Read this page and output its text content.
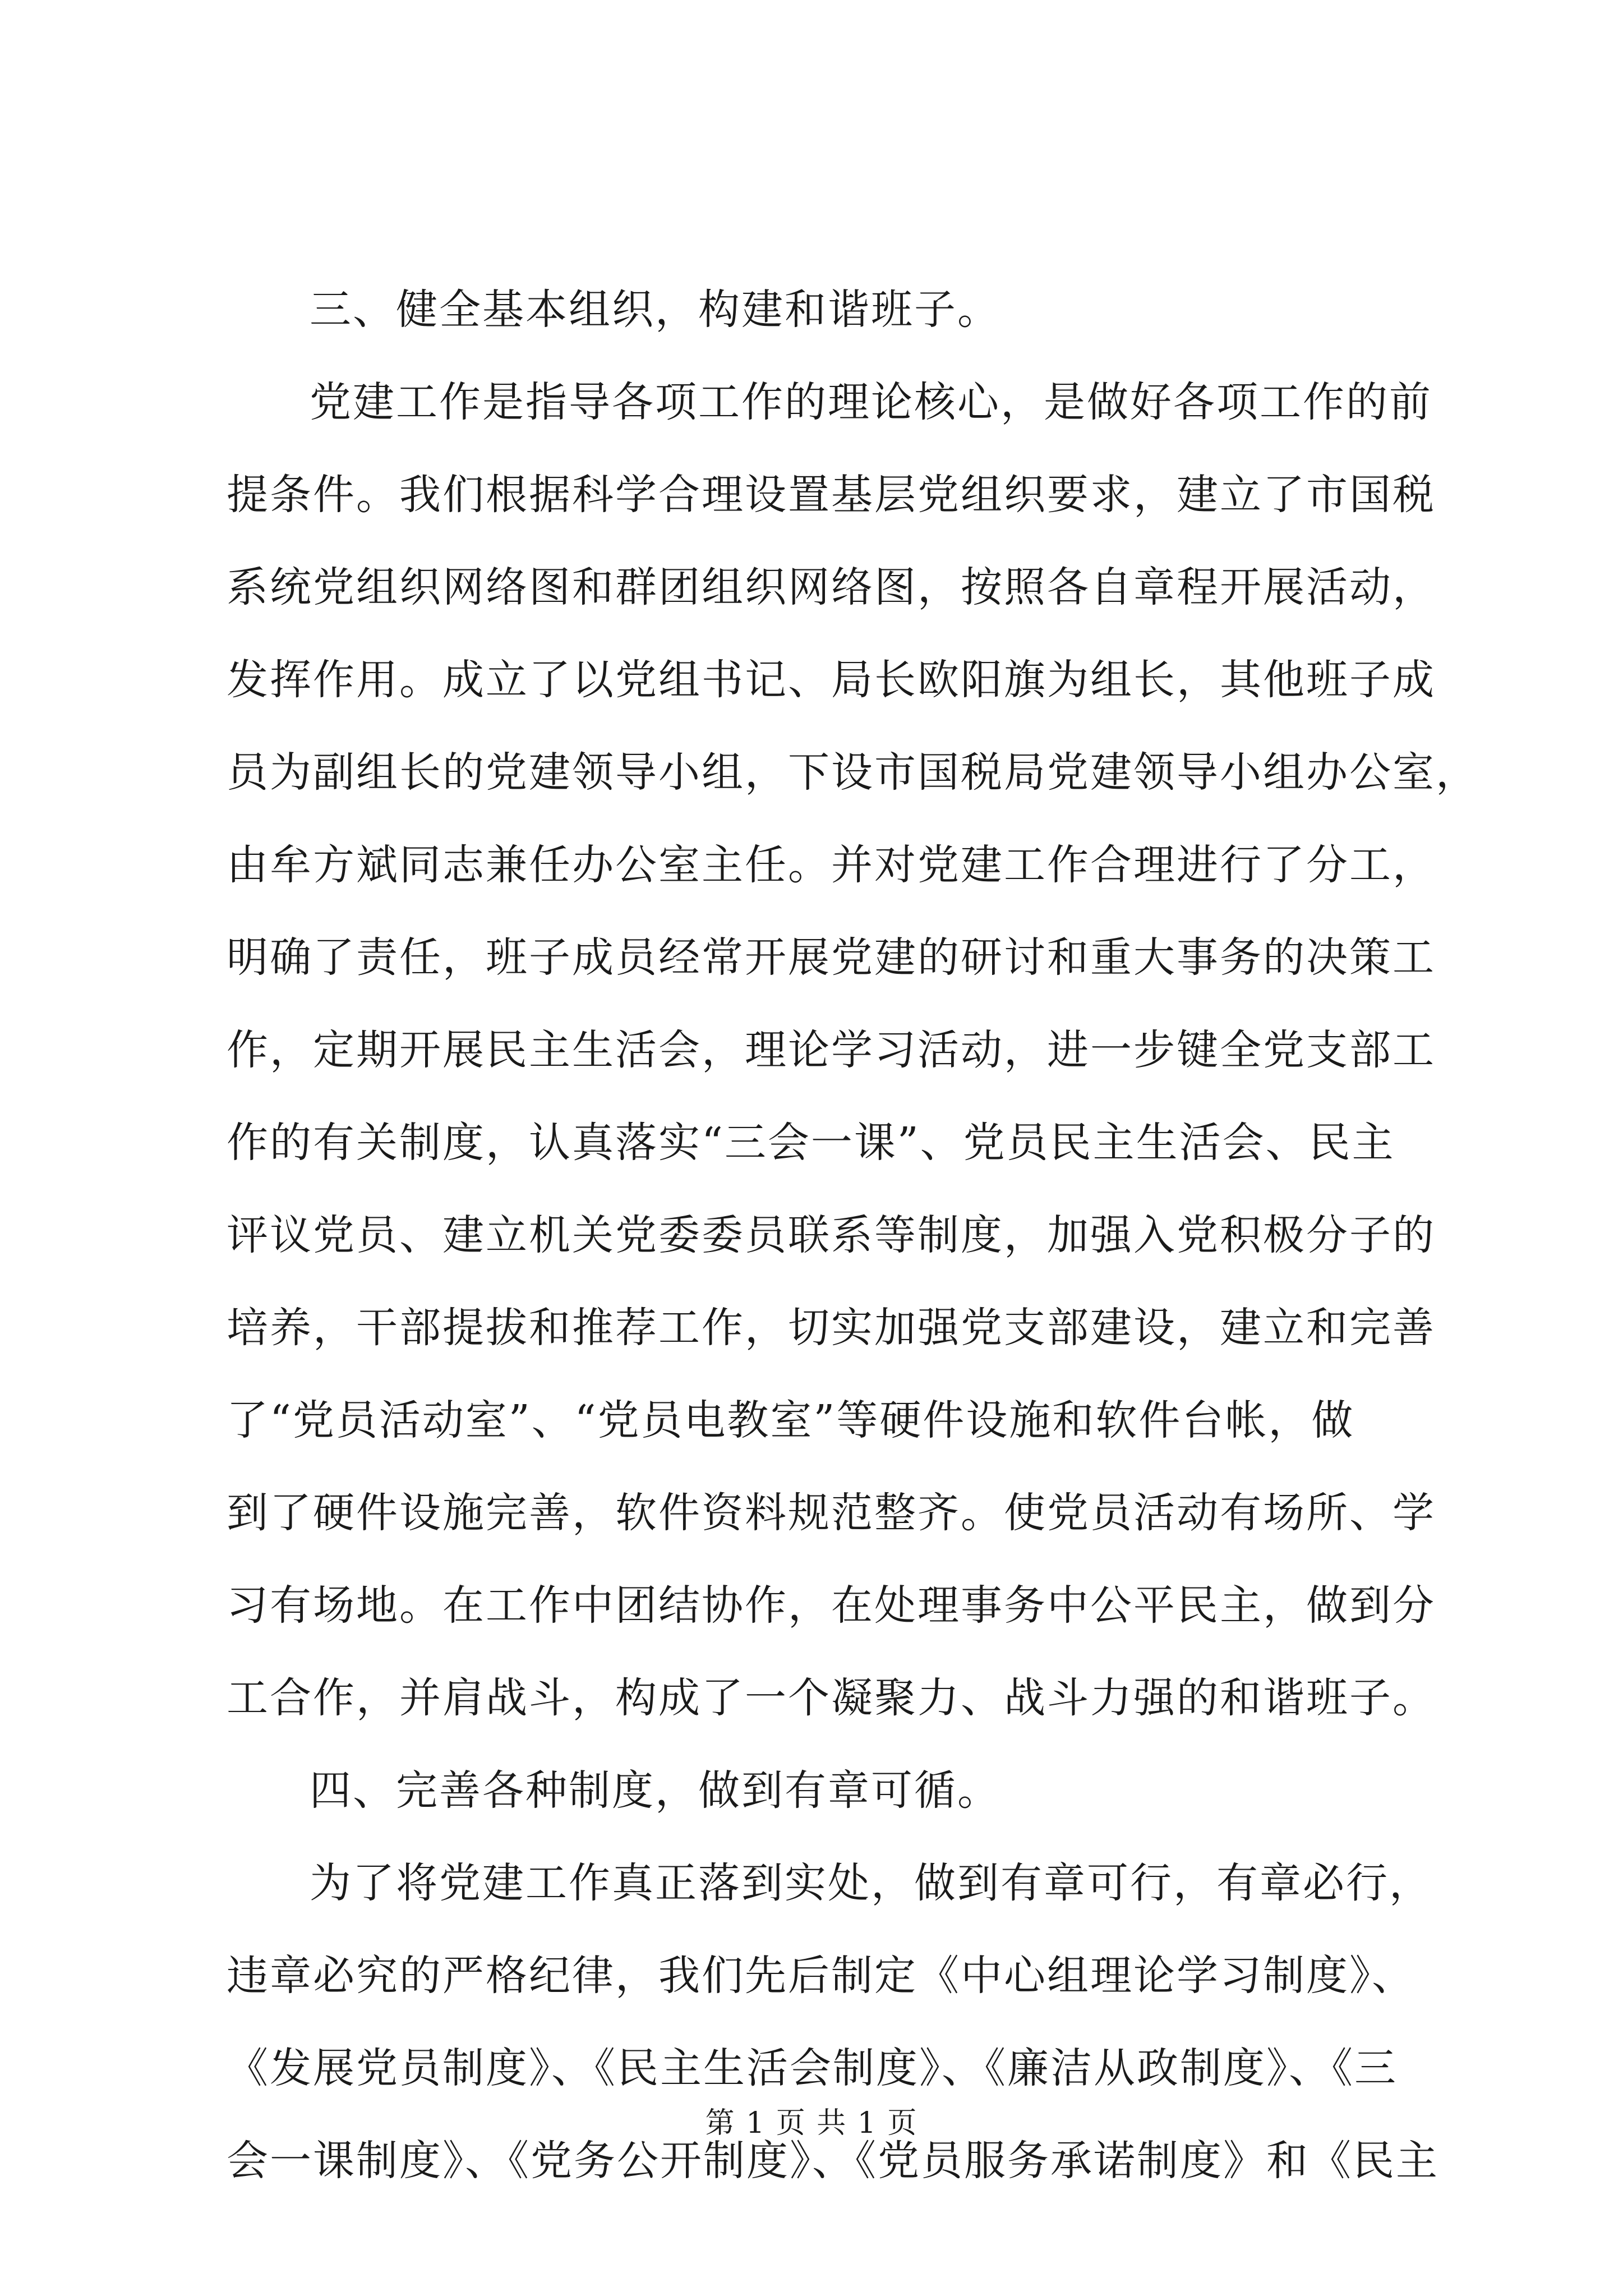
三、健全基本组织，构建和谐班子。
党建工作是指导各项工作的理论核心，是做好各项工作的前
提条件。我们根据科学合理设置基层党组织要求，建立了市国税
系统党组织网络图和群团组织网络图，按照各自章程开展活动，
发挥作用。成立了以党组书记、局长欧阳旗为组长，其他班子成
员为副组长的党建领导小组，下设市国税局党建领导小组办公室，
由牟方斌同志兼任办公室主任。并对党建工作合理进行了分工，
明确了责任，班子成员经常开展党建的研讨和重大事务的决策工
作，定期开展民主生活会，理论学习活动，进一步键全党支部工
作的有关制度，认真落实“三会一课”、党员民主生活会、民主
评议党员、建立机关党委委员联系等制度，加强入党积极分子的
培养，干部提拔和推荐工作，切实加强党支部建设，建立和完善
了“党员活动室”、“党员电教室”等硬件设施和软件台帐，做
到了硬件设施完善，软件资料规范整齐。使党员活动有场所、学
习有场地。在工作中团结协作，在处理事务中公平民主，做到分
工合作，并肩战斗，构成了一个凝聚力、战斗力强的和谐班子。
四、完善各种制度，做到有章可循。
为了将党建工作真正落到实处，做到有章可行，有章必行，
违章必究的严格纪律，我们先后制定《中心组理论学习制度》、
《发展党员制度》、《民主生活会制度》、《廉洁从政制度》、《三
会一课制度》、《党务公开制度》、《党员服务承诺制度》和《民主
第 1 页 共 1 页
